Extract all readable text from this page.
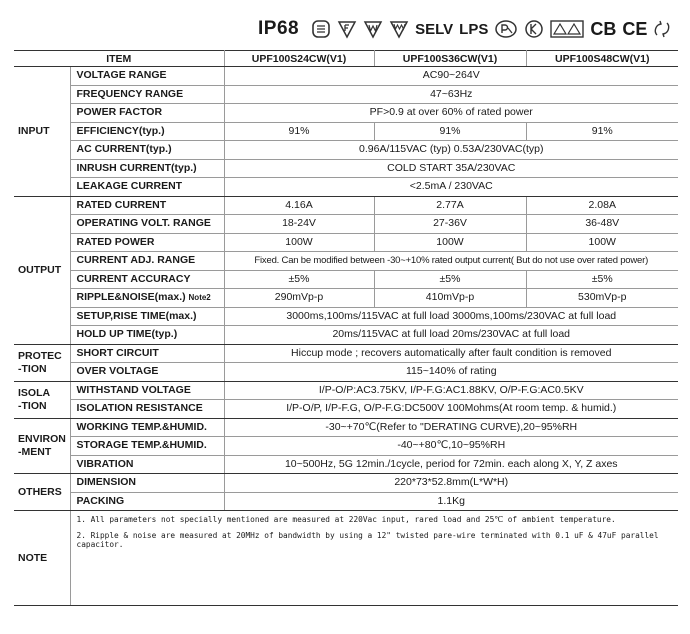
IP68	SELV LPS	CB CE
ITEM		UPF100S24CW(V1)	UPF100S36CW(V1)	UPF100S48CW(V1)
INPUT	VOLTAGE RANGE	AC90~264V		
	FREQUENCY RANGE	47~63Hz		
	POWER FACTOR	PF>0.9 at over 60% of rated power		
	EFFICIENCY(typ.)	91%	91%	91%
	AC CURRENT(typ.)	0.96A/115VAC (typ) 0.53A/230VAC(typ)		
	INRUSH CURRENT(typ.)	COLD START 35A/230VAC		
	LEAKAGE CURRENT	<2.5mA / 230VAC		
OUTPUT	RATED CURRENT	4.16A	2.77A	2.08A
	OPERATING VOLT. RANGE	18-24V	27-36V	36-48V
	RATED POWER	100W	100W	100W
	CURRENT ADJ. RANGE	Fixed. Can be modified between -30~+10% rated output current( But do not use over rated power)		
	CURRENT ACCURACY	±5%	±5%	±5%
	RIPPLE&NOISE(max.) Note2	290mVp-p	410mVp-p	530mVp-p
	SETUP,RISE TIME(max.)	3000ms,100ms/115VAC at full load 3000ms,100ms/230VAC at full load		
	HOLD UP TIME(typ.)	20ms/115VAC at full load 20ms/230VAC at full load		
PROTEC
-TION	SHORT CIRCUIT	Hiccup mode ; recovers automatically after fault condition is removed		
	OVER VOLTAGE	115~140% of rating		
ISOLA
-TION	WITHSTAND VOLTAGE	I/P-O/P:AC3.75KV, I/P-F.G:AC1.88KV, O/P-F.G:AC0.5KV		
	ISOLATION RESISTANCE	I/P-O/P, I/P-F.G, O/P-F.G:DC500V 100Mohms(At room temp. & humid.)		
ENVIRON
-MENT	WORKING TEMP.&HUMID.	-30~+70℃(Refer to "DERATING CURVE),20~95%RH		
	STORAGE TEMP.&HUMID.	-40~+80℃,10~95%RH		
	VIBRATION	10~500Hz, 5G 12min./1cycle, period for 72min. each along X, Y, Z axes		
OTHERS	DIMENSION	220*73*52.8mm(L*W*H)		
	PACKING	1.1Kg		
NOTE	1. All parameters not specially mentioned are measured at 220Vac input, rared load and 25℃ of ambient temperature.

2. Ripple & noise are measured at 20MHz of bandwidth by using a 12" twisted pare-wire terminated with 0.1 uF & 47uF parallel capacitor.			
